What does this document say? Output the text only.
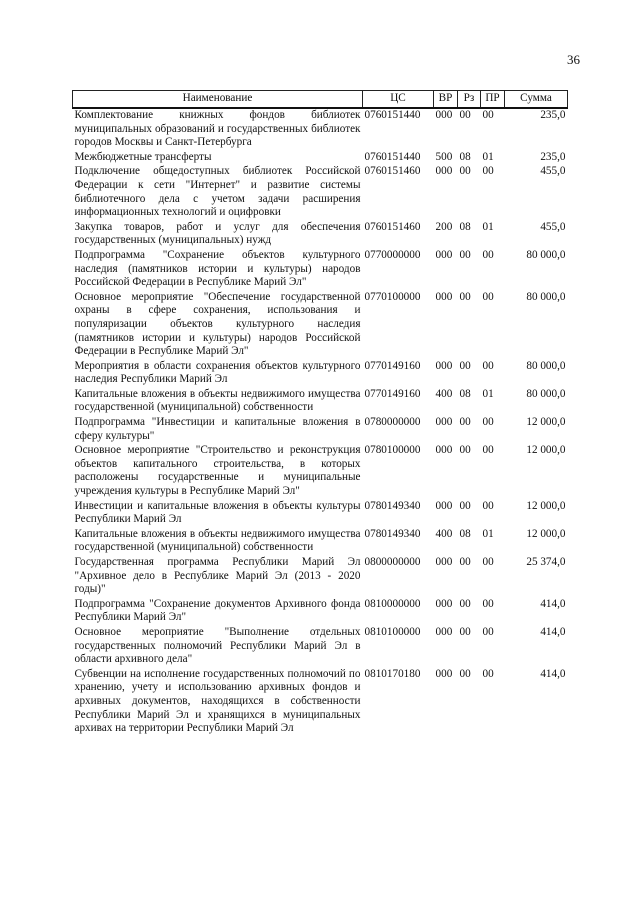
36
Наименование	ЦС	ВР	Рз	ПР	Сумма
Комплектование книжных фондов библиотек муниципальных образований и государственных библиотек городов Москвы и Санкт-Петербурга	0760151440	000	00	00	235,0
Межбюджетные трансферты	0760151440	500	08	01	235,0
Подключение общедоступных библиотек Российской Федерации к сети "Интернет" и развитие системы библиотечного дела с учетом задачи расширения информационных технологий и оцифровки	0760151460	000	00	00	455,0
Закупка товаров, работ и услуг для обеспечения государственных (муниципальных) нужд	0760151460	200	08	01	455,0
Подпрограмма "Сохранение объектов культурного наследия (памятников истории и культуры) народов Российской Федерации в Республике Марий Эл"	0770000000	000	00	00	80 000,0
Основное мероприятие "Обеспечение государственной охраны в сфере сохранения, использования и популяризации объектов культурного наследия (памятников истории и культуры) народов Российской Федерации в Республике Марий Эл"	0770100000	000	00	00	80 000,0
Мероприятия в области сохранения объектов культурного наследия Республики Марий Эл	0770149160	000	00	00	80 000,0
Капитальные вложения в объекты недвижимого имущества государственной (муниципальной) собственности	0770149160	400	08	01	80 000,0
Подпрограмма "Инвестиции и капитальные вложения в сферу культуры"	0780000000	000	00	00	12 000,0
Основное мероприятие "Строительство и реконструкция объектов капитального строительства, в которых расположены государственные и муниципальные учреждения культуры в Республике Марий Эл"	0780100000	000	00	00	12 000,0
Инвестиции и капитальные вложения в объекты культуры Республики Марий Эл	0780149340	000	00	00	12 000,0
Капитальные вложения в объекты недвижимого имущества государственной (муниципальной) собственности	0780149340	400	08	01	12 000,0
Государственная программа Республики Марий Эл "Архивное дело в Республике Марий Эл (2013 - 2020 годы)"	0800000000	000	00	00	25 374,0
Подпрограмма "Сохранение документов Архивного фонда Республики Марий Эл"	0810000000	000	00	00	414,0
Основное мероприятие "Выполнение отдельных государственных полномочий Республики Марий Эл в области архивного дела"	0810100000	000	00	00	414,0
Субвенции на исполнение государственных полномочий по хранению, учету и использованию архивных фондов и архивных документов, находящихся в собственности Республики Марий Эл и хранящихся в муниципальных архивах на территории Республики Марий Эл	0810170180	000	00	00	414,0
